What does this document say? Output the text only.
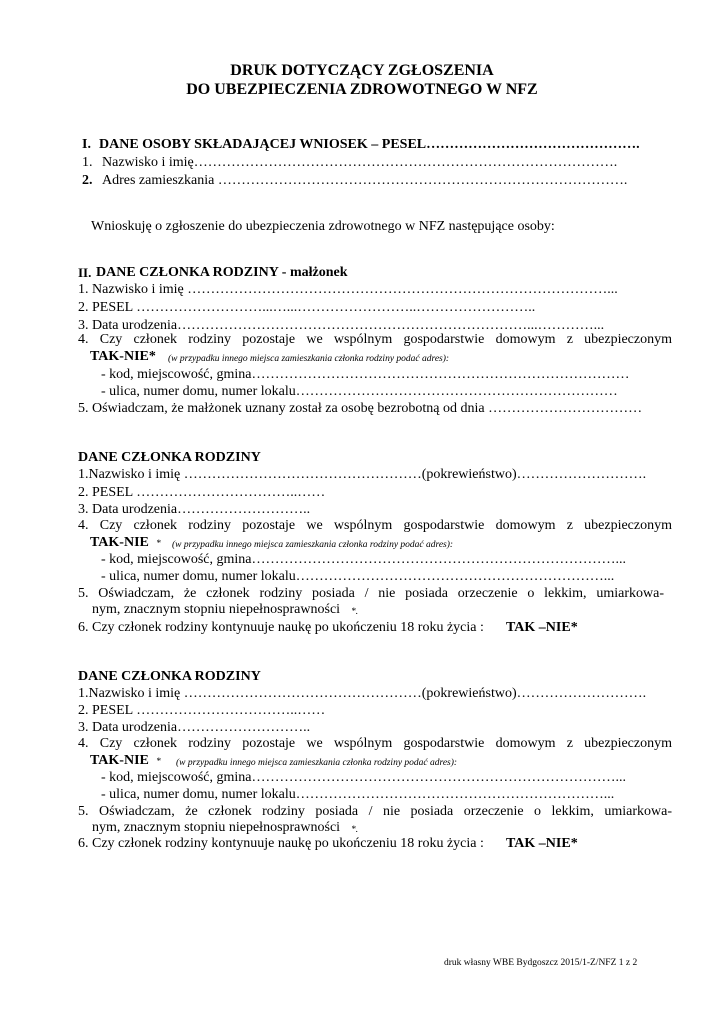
DRUK DOTYCZĄCY ZGŁOSZENIA
DO UBEZPIECZENIA ZDROWOTNEGO W NFZ
I. DANE OSOBY SKŁADAJĄCEJ WNIOSEK – PESEL……………………………………….
1. Nazwisko i imię……………………………………………………………………………….
2. Adres zamieszkania …………………………………………………………………………….
Wnioskuję o zgłoszenie do ubezpieczenia zdrowotnego w NFZ następujące osoby:
II. DANE CZŁONKA RODZINY - małżonek
1. Nazwisko i imię ………………………………………………………………………………...
2. PESEL ………………………...…...……………………..……………………..
3. Data urodzenia…………………………………………………………………...…………...
4. Czy członek rodziny pozostaje we wspólnym gospodarstwie domowym z ubezpieczonym
TAK-NIE* (w przypadku innego miejsca zamieszkania członka rodziny podać adres):
- kod, miejscowość, gmina………………………………………………………………………
- ulica, numer domu, numer lokalu……………………………………………………………
5. Oświadczam, że małżonek uznany został za osobę bezrobotną od dnia ……………………………
DANE CZŁONKA RODZINY
1.Nazwisko i imię ……………………………………………(pokrewieństwo)……………………….
2. PESEL ……………………………..……
3. Data urodzenia………………………..
4. Czy członek rodziny pozostaje we wspólnym gospodarstwie domowym z ubezpieczonym
TAK-NIE * (w przypadku innego miejsca zamieszkania członka rodziny podać adres):
- kod, miejscowość, gmina……………………………………………………………………...
- ulica, numer domu, numer lokalu…………………………………………………………...
5. Oświadczam, że członek rodziny posiada / nie posiada orzeczenie o lekkim, umiarkowa-
nym, znacznym stopniu niepełnosprawności *.
6. Czy członek rodziny kontynuuje naukę po ukończeniu 18 roku życia : TAK –NIE*
DANE CZŁONKA RODZINY
1.Nazwisko i imię ……………………………………………(pokrewieństwo)……………………….
2. PESEL ……………………………..……
3. Data urodzenia………………………..
4. Czy członek rodziny pozostaje we wspólnym gospodarstwie domowym z ubezpieczonym
TAK-NIE * (w przypadku innego miejsca zamieszkania członka rodziny podać adres):
- kod, miejscowość, gmina……………………………………………………………………...
- ulica, numer domu, numer lokalu…………………………………………………………...
5. Oświadczam, że członek rodziny posiada / nie posiada orzeczenie o lekkim, umiarkowa-
nym, znacznym stopniu niepełnosprawności *.
6. Czy członek rodziny kontynuuje naukę po ukończeniu 18 roku życia : TAK –NIE*
druk własny WBE Bydgoszcz 2015/1-Z/NFZ 1 z 2
